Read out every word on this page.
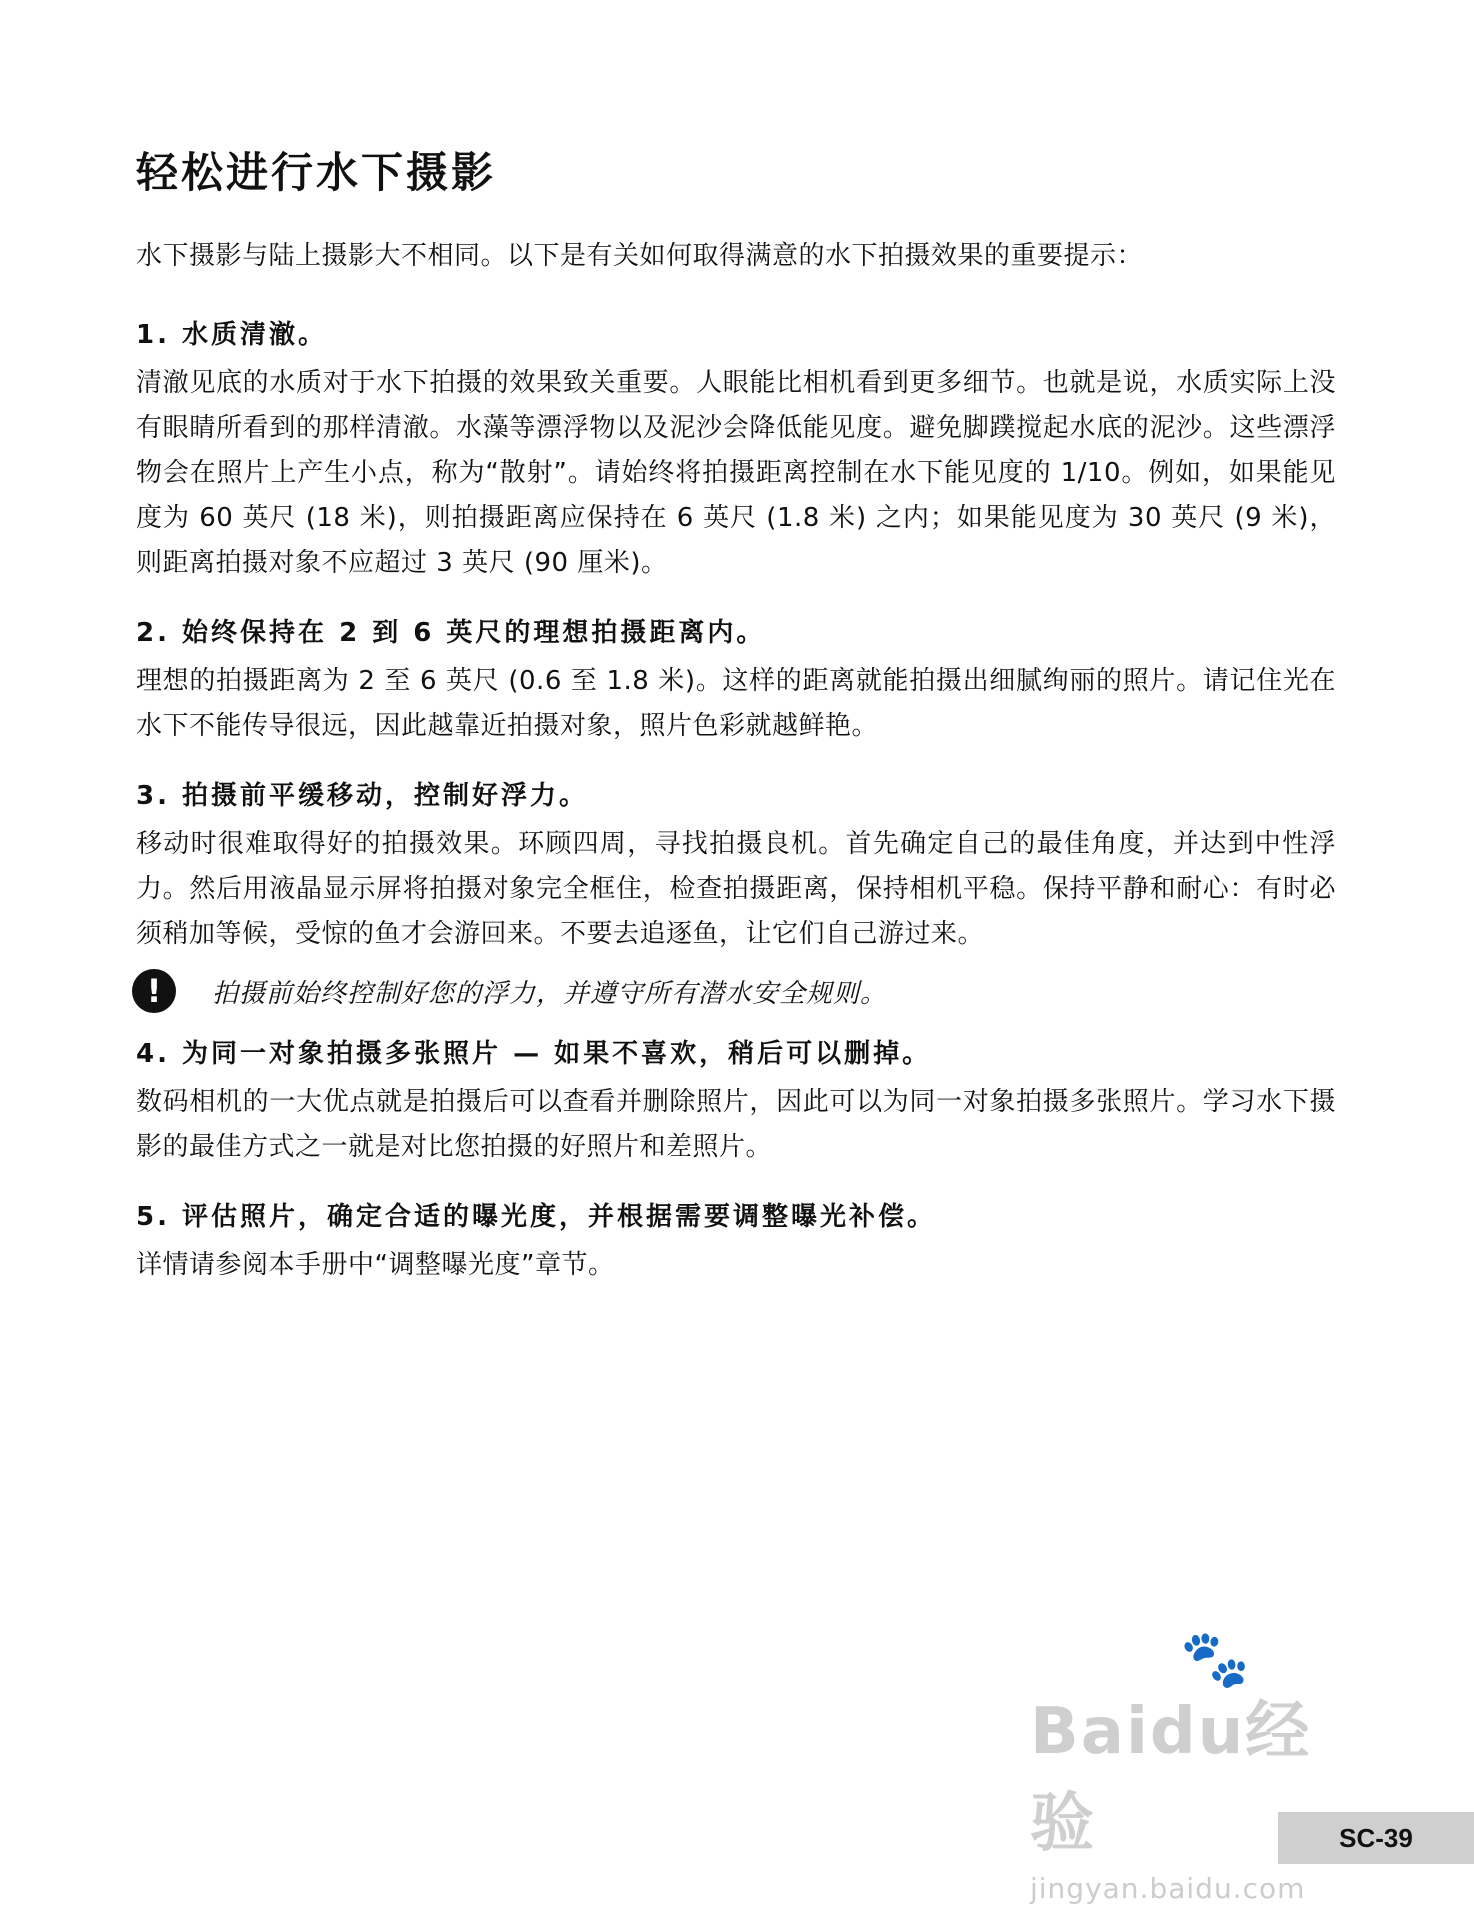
轻松进行水下摄影

水下摄影与陆上摄影大不相同。以下是有关如何取得满意的水下拍摄效果的重要提示：

1. 水质清澈。

清澈见底的水质对于水下拍摄的效果致关重要。人眼能比相机看到更多细节。也就是说，水质实际上没有眼睛所看到的那样清澈。水藻等漂浮物以及泥沙会降低能见度。避免脚蹼搅起水底的泥沙。这些漂浮物会在照片上产生小点，称为“散射”。请始终将拍摄距离控制在水下能见度的 1/10。例如，如果能见度为 60 英尺 (18 米)，则拍摄距离应保持在 6 英尺 (1.8 米) 之内；如果能见度为 30 英尺 (9 米)，则距离拍摄对象不应超过 3 英尺 (90 厘米)。

2. 始终保持在 2 到 6 英尺的理想拍摄距离内。

理想的拍摄距离为 2 至 6 英尺 (0.6 至 1.8 米)。这样的距离就能拍摄出细腻绚丽的照片。请记住光在水下不能传导很远，因此越靠近拍摄对象，照片色彩就越鲜艳。

3. 拍摄前平缓移动，控制好浮力。

移动时很难取得好的拍摄效果。环顾四周，寻找拍摄良机。首先确定自己的最佳角度，并达到中性浮力。然后用液晶显示屏将拍摄对象完全框住，检查拍摄距离，保持相机平稳。保持平静和耐心：有时必须稍加等候，受惊的鱼才会游回来。不要去追逐鱼，让它们自己游过来。

!	拍摄前始终控制好您的浮力，并遵守所有潜水安全规则。
4. 为同一对象拍摄多张照片 — 如果不喜欢，稍后可以删掉。

数码相机的一大优点就是拍摄后可以查看并删除照片，因此可以为同一对象拍摄多张照片。学习水下摄影的最佳方式之一就是对比您拍摄的好照片和差照片。

5. 评估照片，确定合适的曝光度，并根据需要调整曝光补偿。

详情请参阅本手册中“调整曝光度”章节。

🐾
Baidu经验
jingyan.baidu.com
SC-39
